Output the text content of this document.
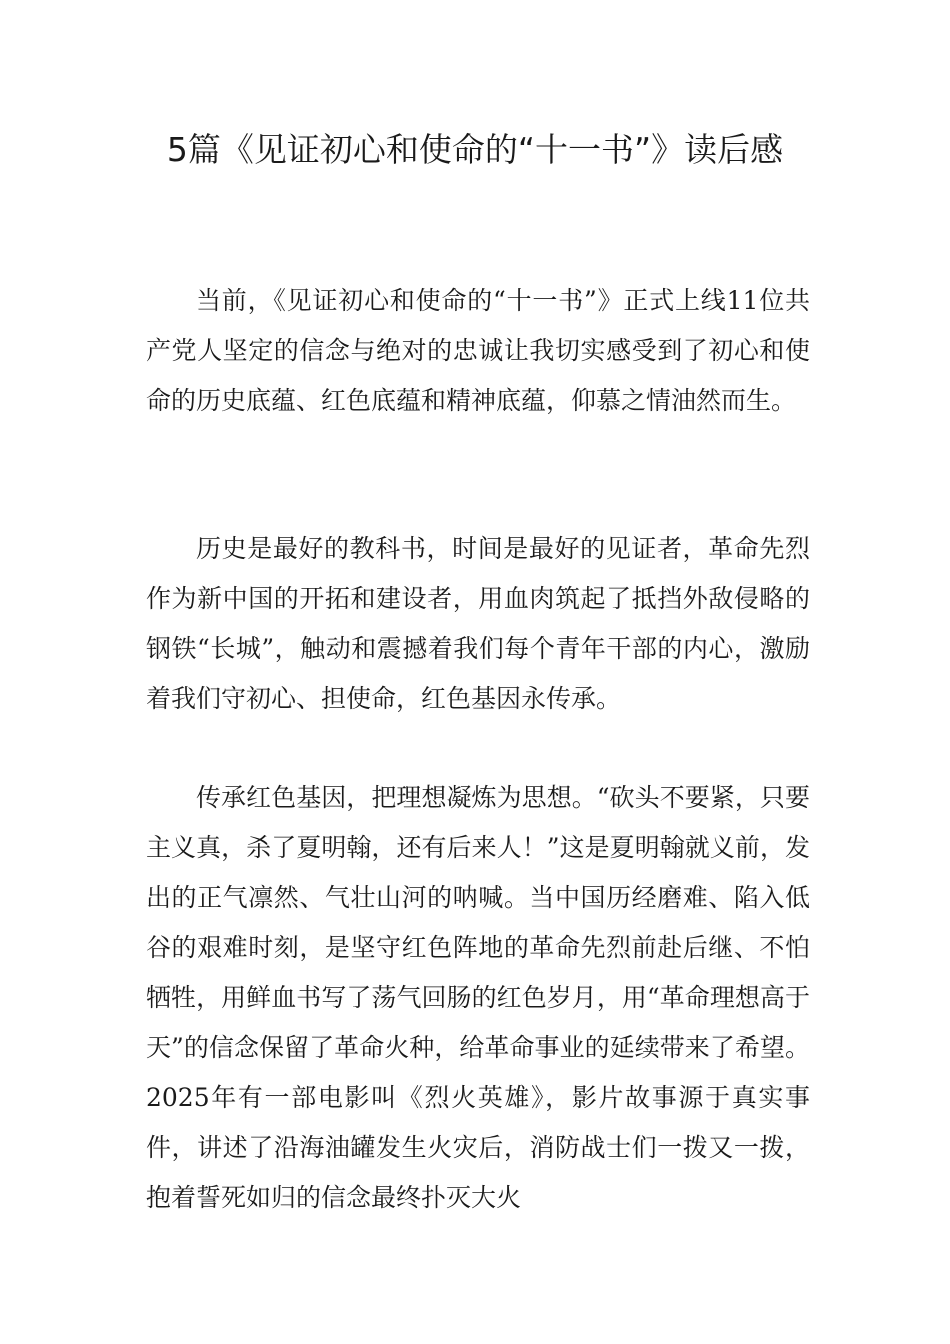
5篇《见证初心和使命的“十一书”》读后感

当前，《见证初心和使命的“十一书”》正式上线11位共产党人坚定的信念与绝对的忠诚让我切实感受到了初心和使命的历史底蕴、红色底蕴和精神底蕴，仰慕之情油然而生。

历史是最好的教科书，时间是最好的见证者，革命先烈作为新中国的开拓和建设者，用血肉筑起了抵挡外敌侵略的钢铁“长城”，触动和震撼着我们每个青年干部的内心，激励着我们守初心、担使命，红色基因永传承。

传承红色基因，把理想凝炼为思想。“砍头不要紧，只要主义真，杀了夏明翰，还有后来人！”这是夏明翰就义前，发出的正气凛然、气壮山河的呐喊。当中国历经磨难、陷入低谷的艰难时刻，是坚守红色阵地的革命先烈前赴后继、不怕牺牲，用鲜血书写了荡气回肠的红色岁月，用“革命理想高于天”的信念保留了革命火种，给革命事业的延续带来了希望。2025年有一部电影叫《烈火英雄》，影片故事源于真实事件，讲述了沿海油罐发生火灾后，消防战士们一拨又一拨，抱着誓死如归的信念最终扑灭大火
